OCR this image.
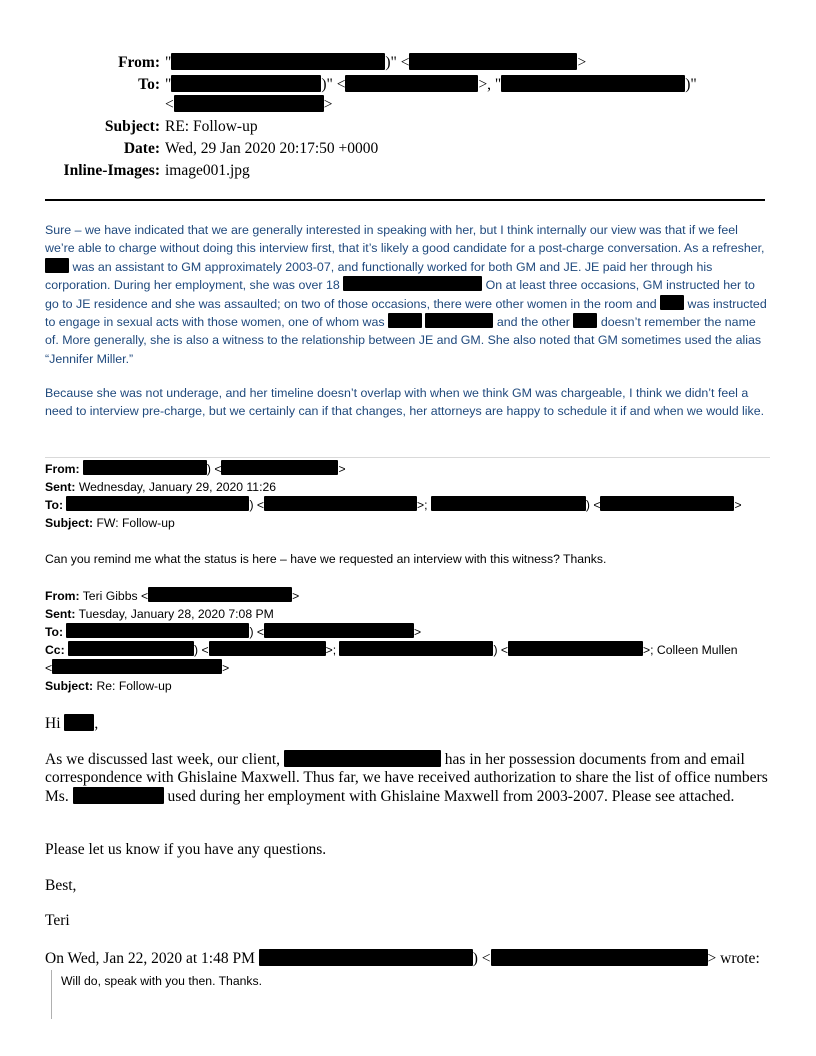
From: "	)" <	>
To: "	)" <	>, "	)"
<	>
Subject: RE: Follow-up
Date: Wed, 29 Jan 2020 20:17:50 +0000
Inline-Images: image001.jpg
Sure – we have indicated that we are generally interested in speaking with her, but I think internally our view was that if we feel we’re able to charge without doing this interview first, that it’s likely a good candidate for a post-charge conversation. As a refresher,  was an assistant to GM approximately 2003-07, and functionally worked for both GM and JE. JE paid her through his corporation. During her employment, she was over 18	On at least three occasions, GM instructed her to go to JE residence and she was assaulted; on two of those occasions, there were other women in the room and  was instructed to engage in sexual acts with those women, one of whom was	and the other  doesn’t remember the name of. More generally, she is also a witness to the relationship between JE and GM. She also noted that GM sometimes used the alias “Jennifer Miller.”
Because she was not underage, and her timeline doesn’t overlap with when we think GM was chargeable, I think we didn’t feel a need to interview pre-charge, but we certainly can if that changes, her attorneys are happy to schedule it if and when we would like.
From:	) <	>
Sent: Wednesday, January 29, 2020 11:26
To:	) <	>;	) <	>
Subject: FW: Follow-up
Can you remind me what the status is here – have we requested an interview with this witness? Thanks.
From: Teri Gibbs <	>
Sent: Tuesday, January 28, 2020 7:08 PM
To:	) <	>
Cc:	) <	>;	) <	>; Colleen Mullen
<	>
Subject: Re: Follow-up
Hi ,
As we discussed last week, our client,	has in her possession documents from and email correspondence with Ghislaine Maxwell. Thus far, we have received authorization to share the list of office numbers Ms.	used during her employment with Ghislaine Maxwell from 2003-2007. Please see attached.
Please let us know if you have any questions.
Best,
Teri
On Wed, Jan 22, 2020 at 1:48 PM	) <	> wrote:
Will do, speak with you then. Thanks.
